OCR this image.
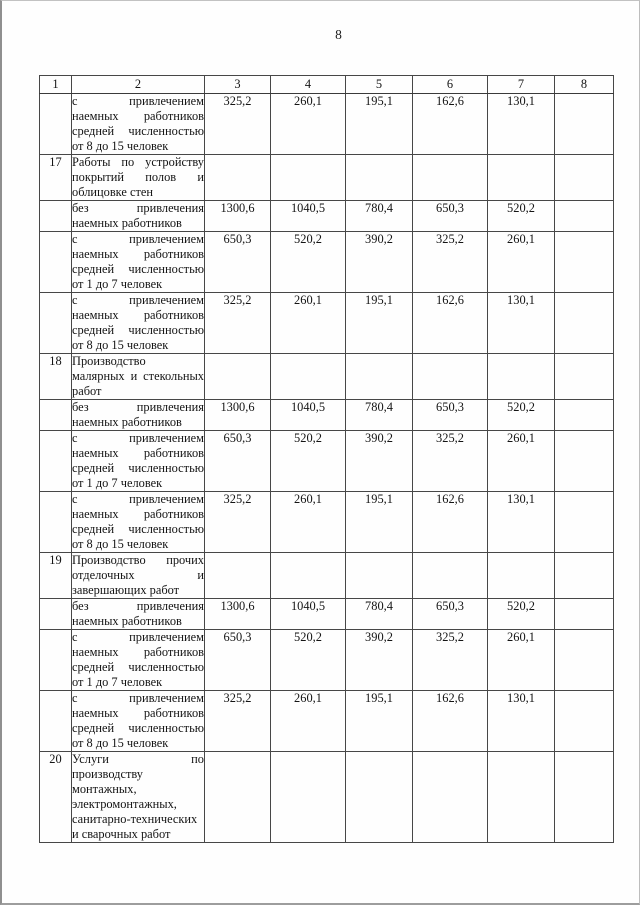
8
1	2	3	4	5	6	7	8

	с привлечением
наемных работников
средней численностью
от 8 до 15 человек	325,2	260,1	195,1	162,6	130,1	
17	Работы по устройству
покрытий полов и
облицовке стен						

	без привлечения
наемных работников	1300,6	1040,5	780,4	650,3	520,2	

	с привлечением
наемных работников
средней численностью
от 1 до 7 человек	650,3	520,2	390,2	325,2	260,1	

	с привлечением
наемных работников
средней численностью
от 8 до 15 человек	325,2	260,1	195,1	162,6	130,1	
18	Производство
малярных и стекольных
работ						

	без привлечения
наемных работников	1300,6	1040,5	780,4	650,3	520,2	

	с привлечением
наемных работников
средней численностью
от 1 до 7 человек	650,3	520,2	390,2	325,2	260,1	

	с привлечением
наемных работников
средней численностью
от 8 до 15 человек	325,2	260,1	195,1	162,6	130,1	
19	Производство прочих
отделочных и
завершающих работ						

	без привлечения
наемных работников	1300,6	1040,5	780,4	650,3	520,2	

	с привлечением
наемных работников
средней численностью
от 1 до 7 человек	650,3	520,2	390,2	325,2	260,1	

	с привлечением
наемных работников
средней численностью
от 8 до 15 человек	325,2	260,1	195,1	162,6	130,1	
20	Услуги по
производству
монтажных,
электромонтажных,
санитарно-технических
и сварочных работ
